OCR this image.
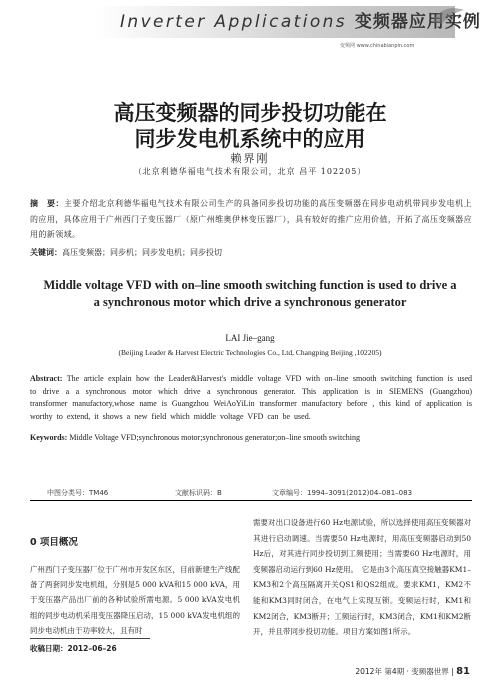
Inverter Applications 变频器应用实例
变频网 www.chinabianpin.com
高压变频器的同步投切功能在
同步发电机系统中的应用
赖界刚
（北京利德华福电气技术有限公司，北京 昌平 102205）
摘　要：主要介绍北京利德华福电气技术有限公司生产的具备同步投切功能的高压变频器在同步电动机带同步发电机上的应用，具体应用于广州西门子变压器厂（原广州维奥伊林变压器厂），具有较好的推广应用价值，开拓了高压变频器应用的新领域。
关键词：高压变频器；同步机；同步发电机；同步投切
Middle voltage VFD with on–line smooth switching function is used to drive a
a synchronous motor which drive a synchronous generator
LAI Jie–gang
(Beijing Leader & Harvest Electric Technologies Co., Ltd, Changping Beijing ,102205)
Abstract: The article explain how the Leader&Harvest's middle voltage VFD with on–line smooth switching function is used to drive a a synchronous motor which drive a synchronous generator. This application is in SIEMENS (Guangzhou) transformer manufactory,whose name is Guangzhou WeiAoYiLin transformer manufactory before , this kind of application is worthy to extend, it shows a new field which middle voltage VFD can be used.
Keywords: Middle Voltage VFD;synchronous motor;synchronous generator;on–line smooth switching
中图分类号：TM46	文献标识码：B	文章编号：1994–3091(2012)04–081–083
0 项目概况
广州西门子变压器厂位于广州市开发区东区，目前新建生产线配备了两套同步发电机组，分别是5 000 kVA和15 000 kVA，用于变压器产品出厂前的各种试验所需电源。5 000 kVA发电机组的同步电动机采用变压器降压启动，15 000 kVA发电机组的同步电动机由于功率较大，且有时
需要对出口设备进行60 Hz电源试验，所以选择使用高压变频器对其进行启动调速。当需要50 Hz电源时，用高压变频器启动到50 Hz后，对其进行同步投切到工频使用；当需要60 Hz电源时，用变频器启动运行到60 Hz使用。　它是由3个高压真空接触器KM1–KM3和2个高压隔离开关QS1和QS2组成。要求KM1，KM2不能和KM3同时闭合，在电气上实现互锁。变频运行时，KM1和KM2闭合，KM3断开；工频运行时，KM3闭合，KM1和KM2断开，并且带同步投切功能。项目方案如图1所示。
收稿日期：2012–06–26
2012年 第4期 · 变频器世界 | 81
